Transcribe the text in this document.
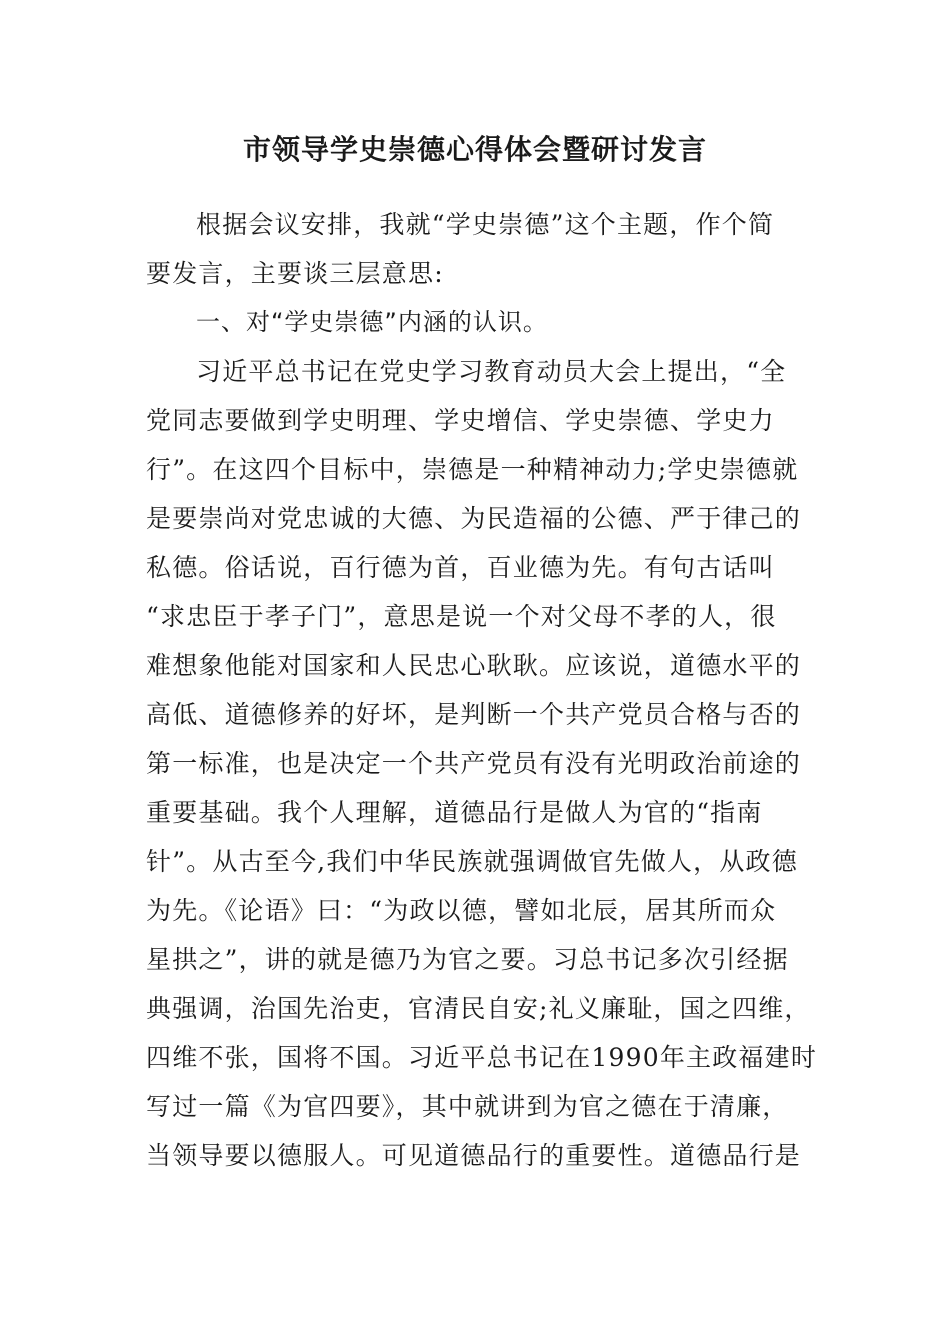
市领导学史崇德心得体会暨研讨发言
根据会议安排，我就“学史崇德”这个主题，作个简
要发言，主要谈三层意思:
一、对“学史崇德”内涵的认识。
习近平总书记在党史学习教育动员大会上提出，“全
党同志要做到学史明理、学史增信、学史崇德、学史力
行”。在这四个目标中，崇德是一种精神动力;学史崇德就
是要崇尚对党忠诚的大德、为民造福的公德、严于律己的
私德。俗话说，百行德为首，百业德为先。有句古话叫
“求忠臣于孝子门”，意思是说一个对父母不孝的人，很
难想象他能对国家和人民忠心耿耿。应该说，道德水平的
高低、道德修养的好坏，是判断一个共产党员合格与否的
第一标准，也是决定一个共产党员有没有光明政治前途的
重要基础。我个人理解，道德品行是做人为官的“指南
针”。从古至今,我们中华民族就强调做官先做人，从政德
为先。《论语》曰：“为政以德，譬如北辰，居其所而众
星拱之”，讲的就是德乃为官之要。习总书记多次引经据
典强调，治国先治吏，官清民自安;礼义廉耻，国之四维，
四维不张，国将不国。习近平总书记在1990年主政福建时
写过一篇《为官四要》，其中就讲到为官之德在于清廉，
当领导要以德服人。可见道德品行的重要性。道德品行是
